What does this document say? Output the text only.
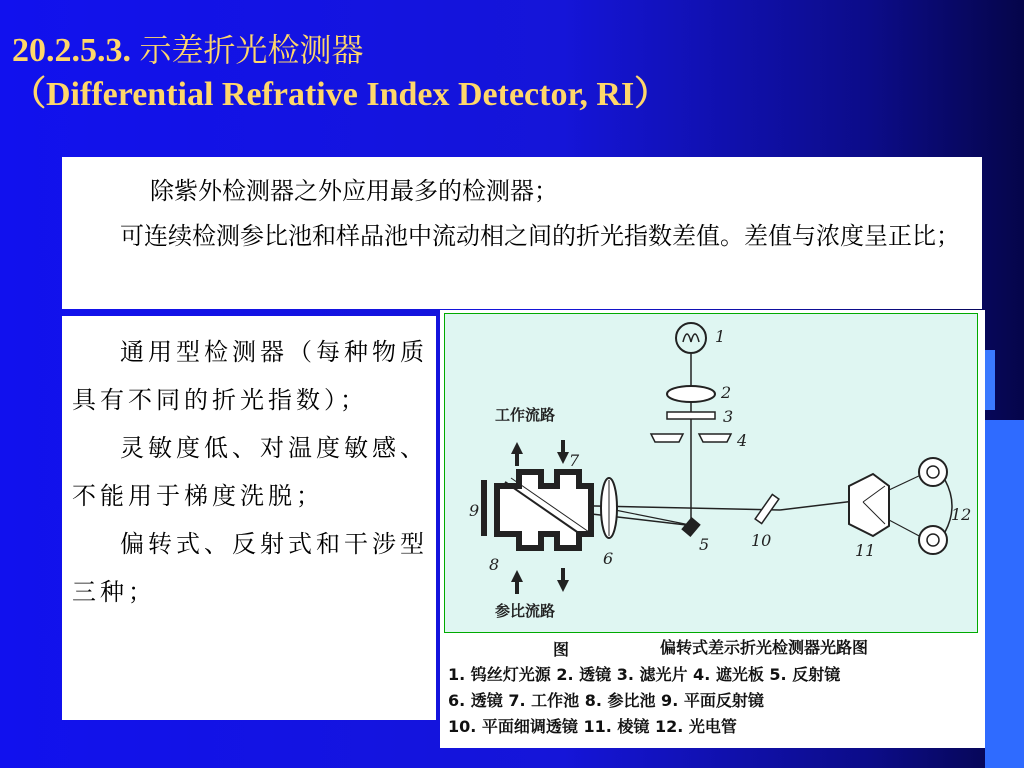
20.2.5.3. 示差折光检测器（Differential Refrative Index Detector, RI）

除紫外检测器之外应用最多的检测器；

可连续检测参比池和样品池中流动相之间的折光指数差值。差值与浓度呈正比；

通用型检测器（每种物质具有不同的折光指数）；

灵敏度低、对温度敏感、不能用于梯度洗脱；

偏转式、反射式和干涉型三种；

1
2
3
4
5
6
7
8
9
10
11
12
工作流路
参比流路
图	偏转式差示折光检测器光路图
1. 钨丝灯光源 2. 透镜 3. 滤光片 4. 遮光板 5. 反射镜
6. 透镜 7. 工作池 8. 参比池 9. 平面反射镜
10. 平面细调透镜 11. 棱镜 12. 光电管
